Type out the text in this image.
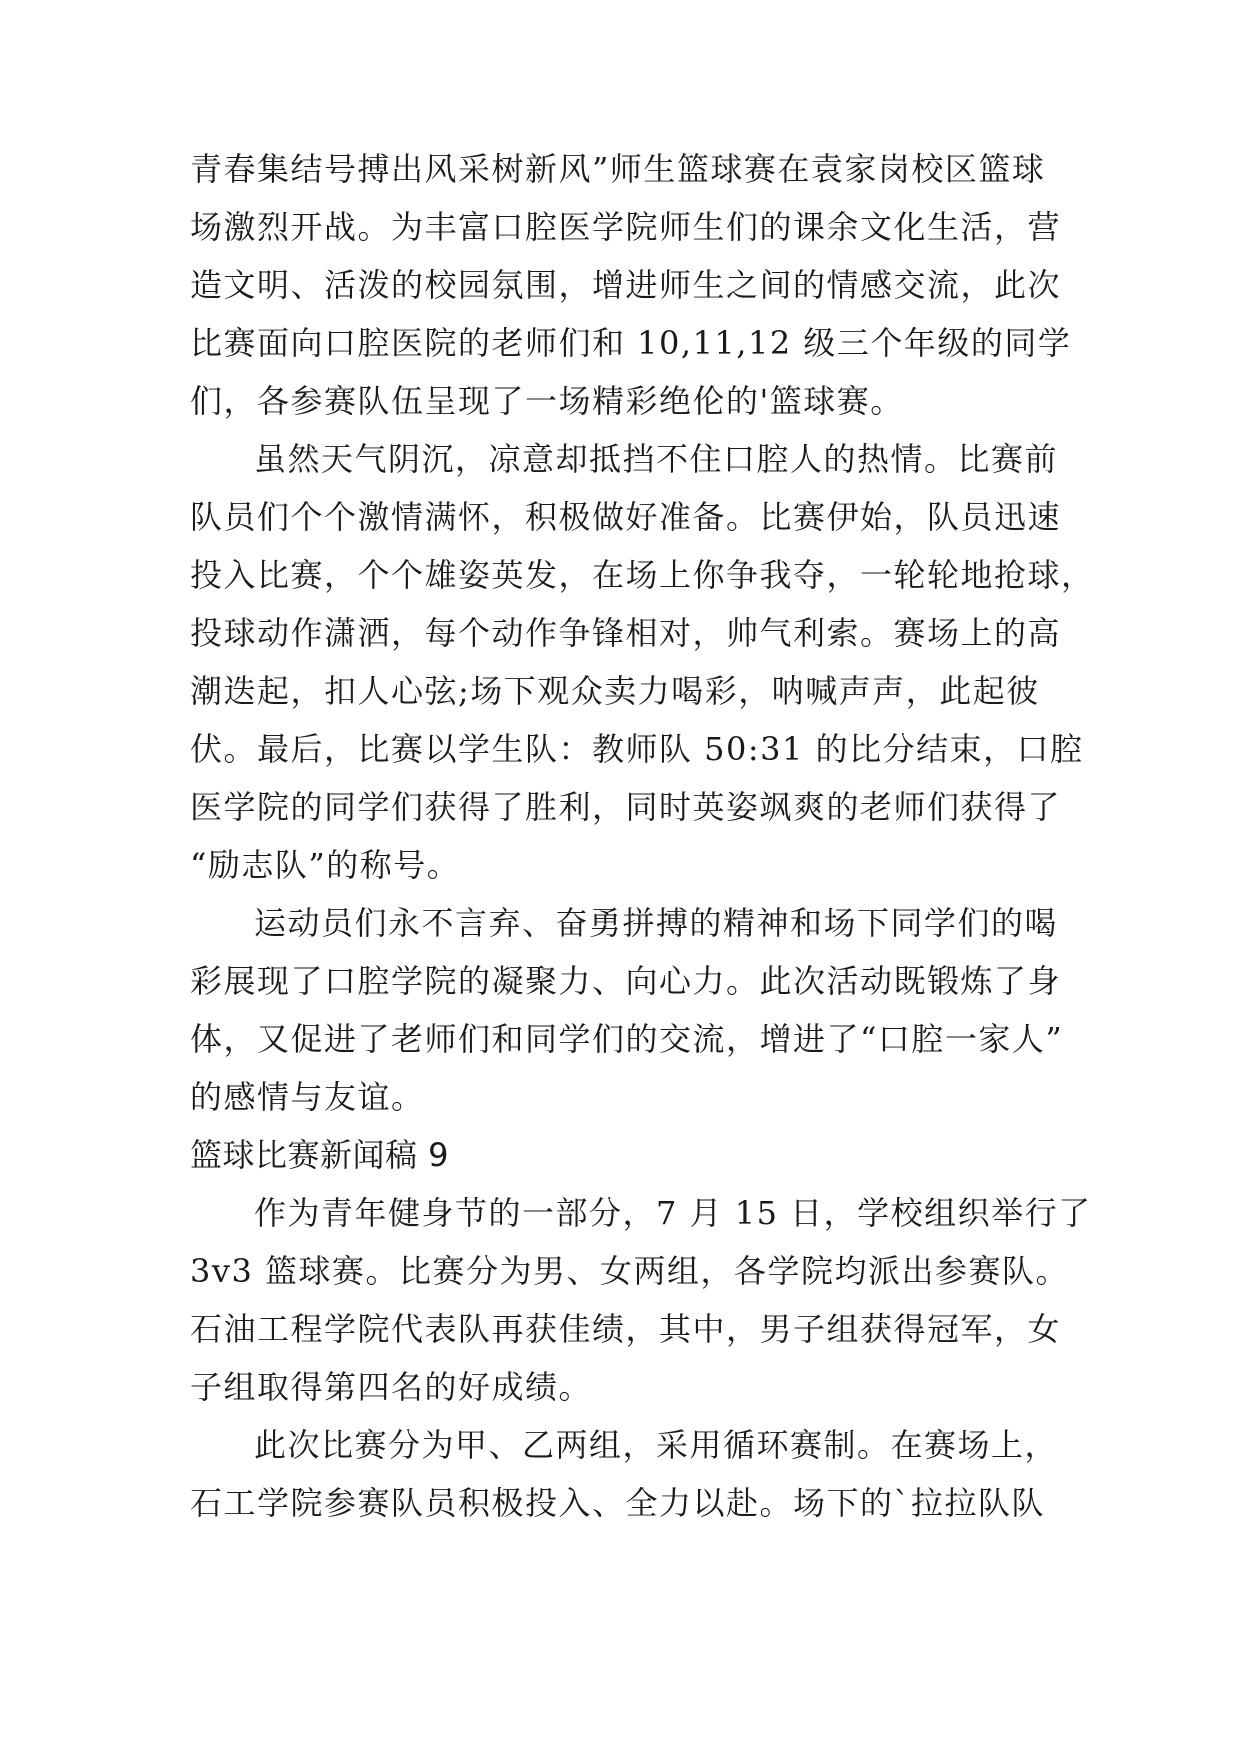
青春集结号搏出风采树新风”师生篮球赛在袁家岗校区篮球
场激烈开战。为丰富口腔医学院师生们的课余文化生活，营
造文明、活泼的校园氛围，增进师生之间的情感交流，此次
比赛面向口腔医院的老师们和 10,11,12 级三个年级的同学
们，各参赛队伍呈现了一场精彩绝伦的'篮球赛。
虽然天气阴沉，凉意却抵挡不住口腔人的热情。比赛前
队员们个个激情满怀，积极做好准备。比赛伊始，队员迅速
投入比赛，个个雄姿英发，在场上你争我夺，一轮轮地抢球，
投球动作潇洒，每个动作争锋相对，帅气利索。赛场上的高
潮迭起，扣人心弦;场下观众卖力喝彩，呐喊声声，此起彼
伏。最后，比赛以学生队：教师队 50:31 的比分结束，口腔
医学院的同学们获得了胜利，同时英姿飒爽的老师们获得了
“励志队”的称号。
运动员们永不言弃、奋勇拼搏的精神和场下同学们的喝
彩展现了口腔学院的凝聚力、向心力。此次活动既锻炼了身
体，又促进了老师们和同学们的交流，增进了“口腔一家人”
的感情与友谊。
篮球比赛新闻稿 9
作为青年健身节的一部分，7 月 15 日，学校组织举行了
3v3 篮球赛。比赛分为男、女两组，各学院均派出参赛队。
石油工程学院代表队再获佳绩，其中，男子组获得冠军，女
子组取得第四名的好成绩。
此次比赛分为甲、乙两组，采用循环赛制。在赛场上，
石工学院参赛队员积极投入、全力以赴。场下的`拉拉队队
